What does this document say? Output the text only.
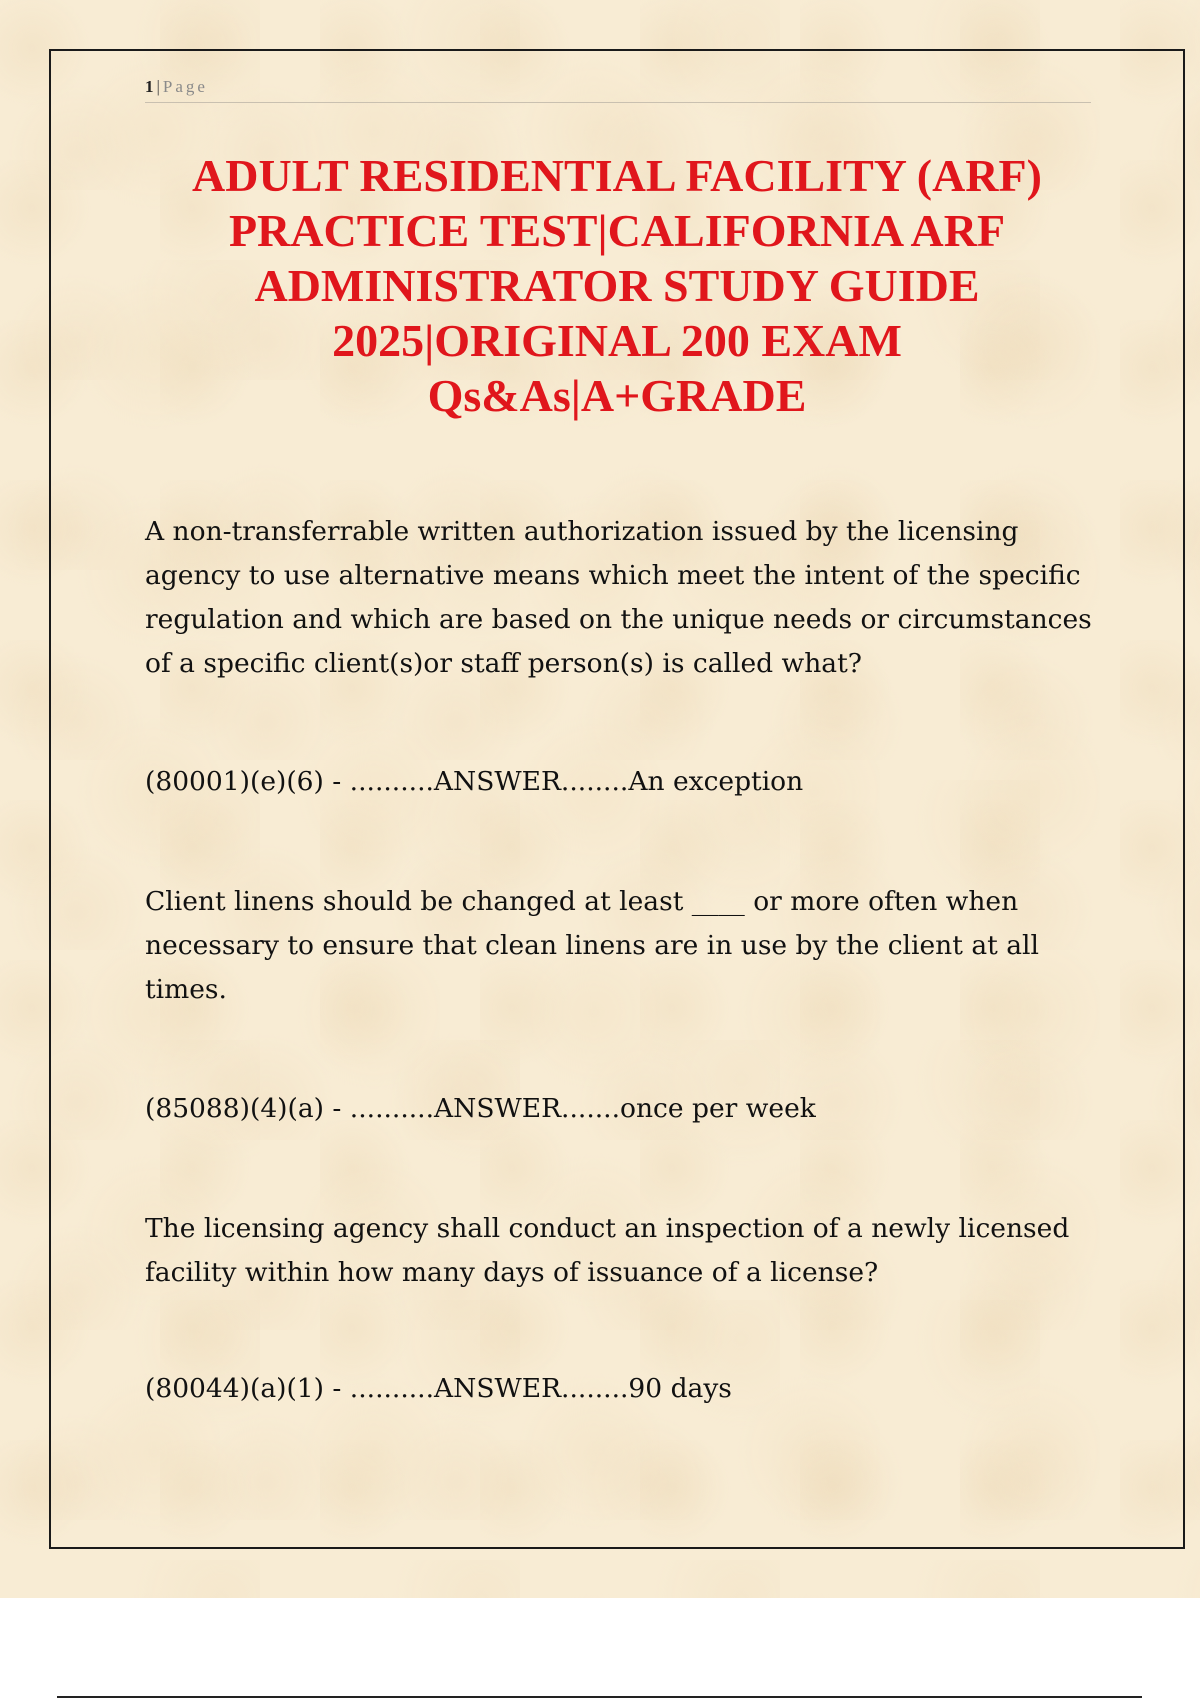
1 | Page
ADULT RESIDENTIAL FACILITY (ARF)
PRACTICE TEST|CALIFORNIA ARF
ADMINISTRATOR STUDY GUIDE
2025|ORIGINAL 200 EXAM
Qs&As|A+GRADE

A non-transferrable written authorization issued by the licensing agency to use alternative means which meet the intent of the specific regulation and which are based on the unique needs or circumstances of a specific client(s)or staff person(s) is called what?

(80001)(e)(6) - ..........ANSWER........An exception

Client linens should be changed at least ____ or more often when necessary to ensure that clean linens are in use by the client at all times.

(85088)(4)(a) - ..........ANSWER.......once per week

The licensing agency shall conduct an inspection of a newly licensed facility within how many days of issuance of a license?

(80044)(a)(1) - ..........ANSWER........90 days
